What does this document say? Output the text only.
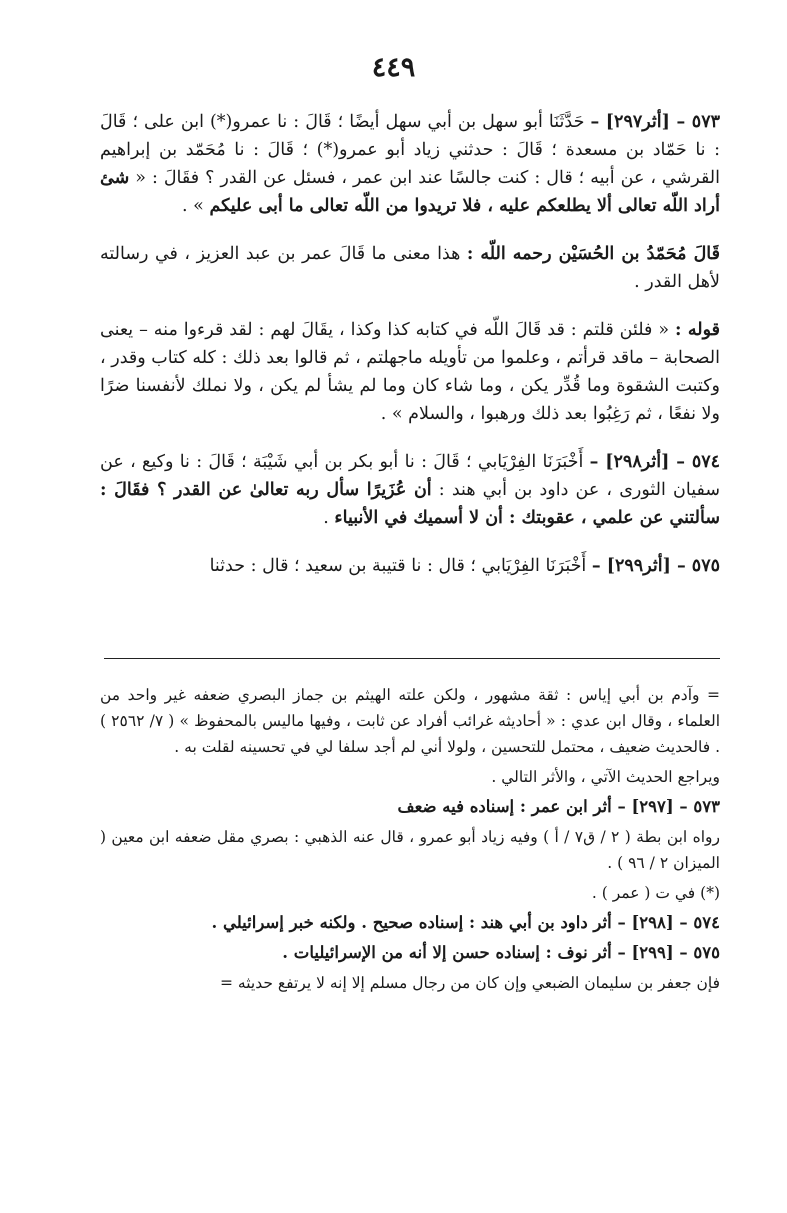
٤٤٩

٥٧٣ – [أثر٢٩٧] – حَدَّثَنَا أبو سهل بن أبي سهل أيضًا ؛ قَالَ : نا عمرو(*) ابن على ؛ قَالَ : نا حَمّاد بن مسعدة ؛ قَالَ : حدثني زياد أبو عمرو(*) ؛ قَالَ : نا مُحَمّد بن إبراهيم القرشي ، عن أبيه ؛ قال : كنت جالسًا عند ابن عمر ، فسئل عن القدر ؟ فقَالَ : « شئ أراد اللّه تعالى ألا يطلعكم عليه ، فلا تريدوا من اللّه تعالى ما أبى عليكم » .

قَالَ مُحَمّدُ بن الحُسَيْن رحمه اللّه : هذا معنى ما قَالَ عمر بن عبد العزيز ، في رسالته لأهل القدر .

قوله : « فلئن قلتم : قد قَالَ اللّه في كتابه كذا وكذا ، يقَالَ لهم : لقد قرءوا منه – يعنى الصحابة – ماقد قرأتم ، وعلموا من تأويله ماجهلتم ، ثم قالوا بعد ذلك : كله كتاب وقدر ، وكتبت الشقوة وما قُدِّر يكن ، وما شاء كان وما لم يشأ لم يكن ، ولا نملك لأنفسنا ضرًا ولا نفعًا ، ثم رَغِبُوا بعد ذلك ورهبوا ، والسلام » .

٥٧٤ – [أثر٢٩٨] – أَخْبَرَنَا الفِرْيَابي ؛ قَالَ : نا أبو بكر بن أبي شَيْبَة ؛ قَالَ : نا وكيع ، عن سفيان الثورى ، عن داود بن أبي هند : أن عُزَيرًا سأل ربه تعالىٰ عن القدر ؟ فقَالَ : سألتني عن علمي ، عقوبتك : أن لا أسميك في الأنبياء .

٥٧٥ – [أثر٢٩٩] – أَخْبَرَنَا الفِرْيَابي ؛ قال : نا قتيبة بن سعيد ؛ قال : حدثنا

= وآدم بن أبي إياس : ثقة مشهور ، ولكن علته الهيثم بن جماز البصري ضعفه غير واحد من العلماء ، وقال ابن عدي : « أحاديثه غرائب أفراد عن ثابت ، وفيها ماليس بالمحفوظ » ( ٧/ ٢٥٦٢ ) . فالحديث ضعيف ، محتمل للتحسين ، ولولا أني لم أجد سلفا لي في تحسينه لقلت به .

ويراجع الحديث الآتي ، والأثر التالي .

٥٧٣ – [٢٩٧] – أثر ابن عمر : إسناده فيه ضعف

رواه ابن بطة ( ٢ / ق٧ / أ ) وفيه زياد أبو عمرو ، قال عنه الذهبي : بصري مقل ضعفه ابن معين ( الميزان ٢ / ٩٦ ) .

(*) في ت ( عمر ) .

٥٧٤ – [٢٩٨] – أثر داود بن أبي هند : إسناده صحيح . ولكنه خبر إسرائيلي .

٥٧٥ – [٢٩٩] – أثر نوف : إسناده حسن إلا أنه من الإسرائيليات .

فإن جعفر بن سليمان الضبعي وإن كان من رجال مسلم إلا إنه لا يرتفع حديثه =
